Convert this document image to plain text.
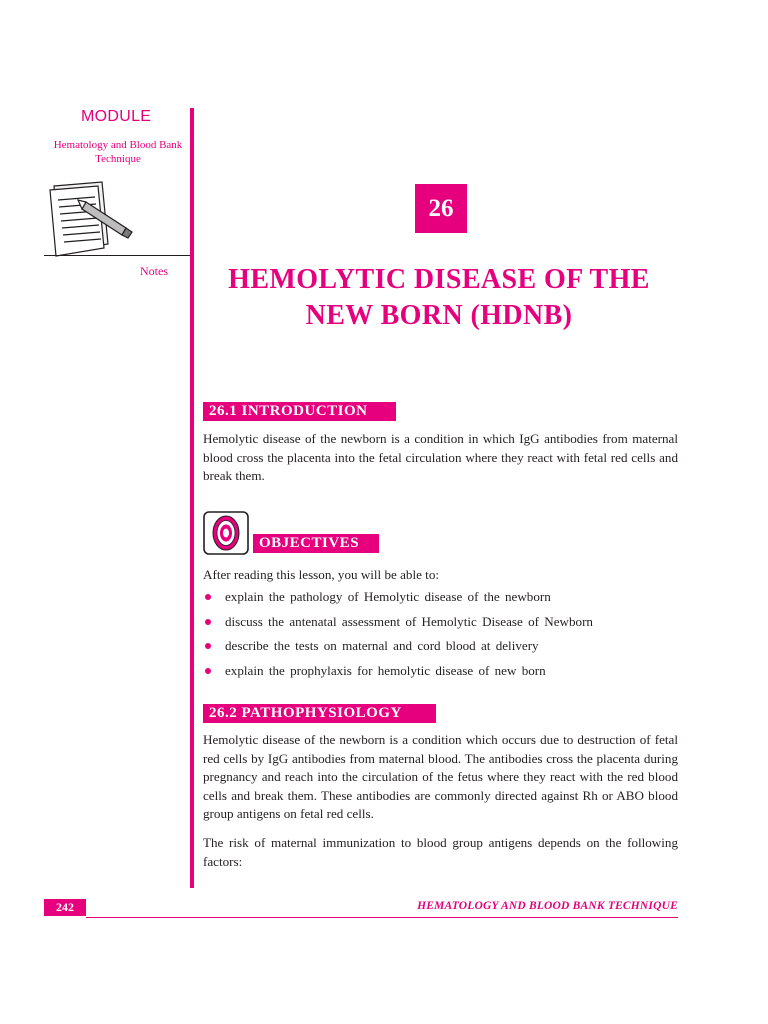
MODULE
Hematology and Blood Bank Technique
Notes
26
HEMOLYTIC DISEASE OF THE NEW BORN (HDNB)
26.1 INTRODUCTION
Hemolytic disease of the newborn is a condition in which IgG antibodies from maternal blood cross the placenta into the fetal circulation where they react with fetal red cells and break them.
OBJECTIVES
After reading this lesson, you will be able to:
explain the pathology of Hemolytic disease of the newborn
discuss the antenatal assessment of Hemolytic Disease of Newborn
describe the tests on maternal and cord blood at delivery
explain the prophylaxis for hemolytic disease of new born
26.2 PATHOPHYSIOLOGY
Hemolytic disease of the newborn is a condition which occurs due to destruction of fetal red cells by IgG antibodies from maternal blood. The antibodies cross the placenta during pregnancy and reach into the circulation of the fetus where they react with the red blood cells and break them. These antibodies are commonly directed against Rh or ABO blood group antigens on fetal red cells.
The risk of maternal immunization to blood group antigens depends on the following factors:
242	HEMATOLOGY AND BLOOD BANK TECHNIQUE
